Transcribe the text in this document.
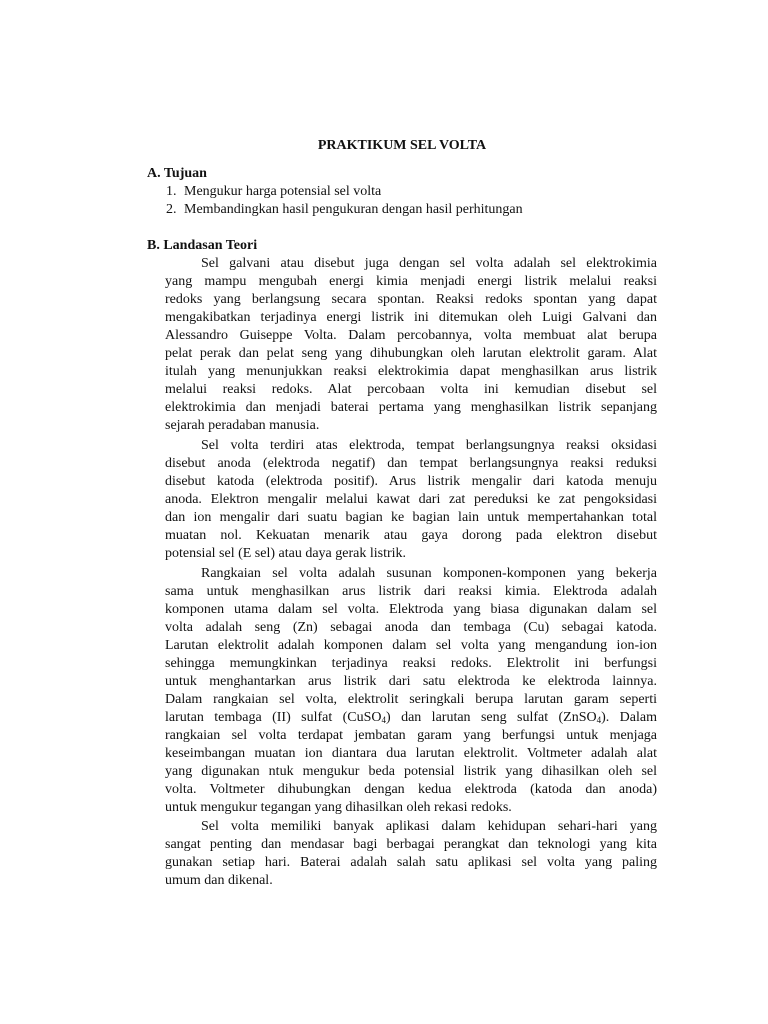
PRAKTIKUM SEL VOLTA
A. Tujuan
1. Mengukur harga potensial sel volta
2. Membandingkan hasil pengukuran dengan hasil perhitungan
B. Landasan Teori
Sel galvani atau disebut juga dengan sel volta adalah sel elektrokimia
yang mampu mengubah energi kimia menjadi energi listrik melalui reaksi
redoks yang berlangsung secara spontan. Reaksi redoks spontan yang dapat
mengakibatkan terjadinya energi listrik ini ditemukan oleh Luigi Galvani dan
Alessandro Guiseppe Volta. Dalam percobannya, volta membuat alat berupa
pelat perak dan pelat seng yang dihubungkan oleh larutan elektrolit garam. Alat
itulah yang menunjukkan reaksi elektrokimia dapat menghasilkan arus listrik
melalui reaksi redoks. Alat percobaan volta ini kemudian disebut sel
elektrokimia dan menjadi baterai pertama yang menghasilkan listrik sepanjang
sejarah peradaban manusia.
Sel volta terdiri atas elektroda, tempat berlangsungnya reaksi oksidasi
disebut anoda (elektroda negatif) dan tempat berlangsungnya reaksi reduksi
disebut katoda (elektroda positif). Arus listrik mengalir dari katoda menuju
anoda. Elektron mengalir melalui kawat dari zat pereduksi ke zat pengoksidasi
dan ion mengalir dari suatu bagian ke bagian lain untuk mempertahankan total
muatan nol. Kekuatan menarik atau gaya dorong pada elektron disebut
potensial sel (E sel) atau daya gerak listrik.
Rangkaian sel volta adalah susunan komponen-komponen yang bekerja
sama untuk menghasilkan arus listrik dari reaksi kimia. Elektroda adalah
komponen utama dalam sel volta. Elektroda yang biasa digunakan dalam sel
volta adalah seng (Zn) sebagai anoda dan tembaga (Cu) sebagai katoda.
Larutan elektrolit adalah komponen dalam sel volta yang mengandung ion-ion
sehingga memungkinkan terjadinya reaksi redoks. Elektrolit ini berfungsi
untuk menghantarkan arus listrik dari satu elektroda ke elektroda lainnya.
Dalam rangkaian sel volta, elektrolit seringkali berupa larutan garam seperti
larutan tembaga (II) sulfat (CuSO$_4$) dan larutan seng sulfat (ZnSO$_4$). Dalam
rangkaian sel volta terdapat jembatan garam yang berfungsi untuk menjaga
keseimbangan muatan ion diantara dua larutan elektrolit. Voltmeter adalah alat
yang digunakan ntuk mengukur beda potensial listrik yang dihasilkan oleh sel
volta. Voltmeter dihubungkan dengan kedua elektroda (katoda dan anoda)
untuk mengukur tegangan yang dihasilkan oleh rekasi redoks.
Sel volta memiliki banyak aplikasi dalam kehidupan sehari-hari yang
sangat penting dan mendasar bagi berbagai perangkat dan teknologi yang kita
gunakan setiap hari. Baterai adalah salah satu aplikasi sel volta yang paling
umum dan dikenal.
